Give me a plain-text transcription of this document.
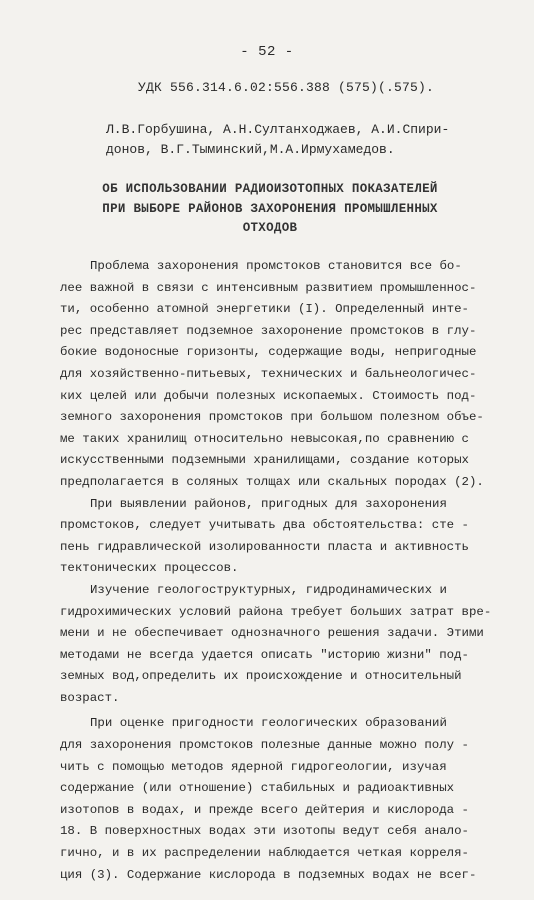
- 52 -
УДК 556.314.6.02:556.388 (575)(.575).
Л.В.Горбушина, А.Н.Султанходжаев, А.И.Спири-
донов, В.Г.Тыминский,М.А.Ирмухамедов.
ОБ ИСПОЛЬЗОВАНИИ РАДИОИЗОТОПНЫХ ПОКАЗАТЕЛЕЙ
ПРИ ВЫБОРЕ РАЙОНОВ ЗАХОРОНЕНИЯ ПРОМЫШЛЕННЫХ
ОТХОДОВ
Проблема захоронения промстоков становится все бо-
лее важной в связи с интенсивным развитием промышленнос-
ти, особенно атомной энергетики (I). Определенный инте-
рес представляет подземное захоронение промстоков в глу-
бокие водоносные горизонты, содержащие воды, непригодные
для хозяйственно-питьевых, технических и бальнеологичес-
ких целей или добычи полезных ископаемых. Стоимость под-
земного захоронения промстоков при большом полезном объе-
ме таких хранилищ относительно невысокая,по сравнению с
искусственными подземными хранилищами, создание которых
предполагается в соляных толщах или скальных породах (2).
При выявлении районов, пригодных для захоронения
промстоков, следует учитывать два обстоятельства: сте -
пень гидравлической изолированности пласта и активность
тектонических процессов.
Изучение геологоструктурных, гидродинамических и
гидрохимических условий района требует больших затрат вре-
мени и не обеспечивает однозначного решения задачи. Этими
методами не всегда удается описать "историю жизни" под-
земных вод,определить их происхождение и относительный
возраст.
При оценке пригодности геологических образований
для захоронения промстоков полезные данные можно полу -
чить с помощью методов ядерной гидрогеологии, изучая
содержание (или отношение) стабильных и радиоактивных
изотопов в водах, и прежде всего дейтерия и кислорода -
18. В поверхностных водах эти изотопы ведут себя анало-
гично, и в их распределении наблюдается четкая корреля-
ция (3). Содержание кислорода в подземных водах не всег-
